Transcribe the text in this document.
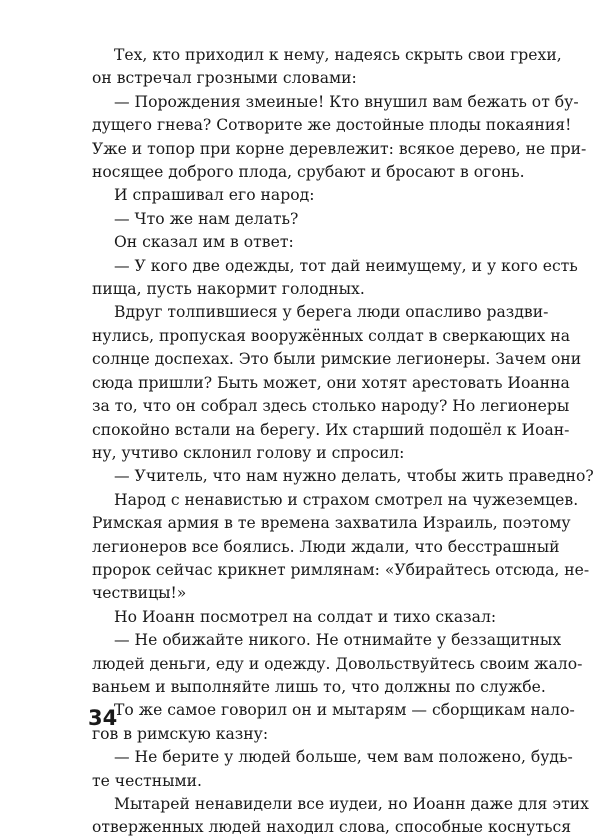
Тех, кто приходил к нему, надеясь скрыть свои грехи,
он встречал грозными словами:
— Порождения змеиные! Кто внушил вам бежать от бу-
дущего гнева? Сотворите же достойные плоды покаяния!
Уже и топор при корне деревлежит: всякое дерево, не при-
носящее доброго плода, срубают и бросают в огонь.
И спрашивал его народ:
— Что же нам делать?
Он сказал им в ответ:
— У кого две одежды, тот дай неимущему, и у кого есть
пища, пусть накормит голодных.
Вдруг толпившиеся у берега люди опасливо раздви-
нулись, пропуская вооружённых солдат в сверкающих на
солнце доспехах. Это были римские легионеры. Зачем они
сюда пришли? Быть может, они хотят арестовать Иоанна
за то, что он собрал здесь столько народу? Но легионеры
спокойно встали на берегу. Их старший подошёл к Иоан-
ну, учтиво склонил голову и спросил:
— Учитель, что нам нужно делать, чтобы жить праведно?
Народ с ненавистью и страхом смотрел на чужеземцев.
Римская армия в те времена захватила Израиль, поэтому
легионеров все боялись. Люди ждали, что бесстрашный
пророк сейчас крикнет римлянам: «Убирайтесь отсюда, не-
чествицы!»
Но Иоанн посмотрел на солдат и тихо сказал:
— Не обижайте никого. Не отнимайте у беззащитных
людей деньги, еду и одежду. Довольствуйтесь своим жало-
ваньем и выполняйте лишь то, что должны по службе.
То же самое говорил он и мытарям — сборщикам нало-
гов в римскую казну:
— Не берите у людей больше, чем вам положено, будь-
те честными.
Мытарей ненавидели все иудеи, но Иоанн даже для этих
отверженных людей находил слова, способные коснуться
34
